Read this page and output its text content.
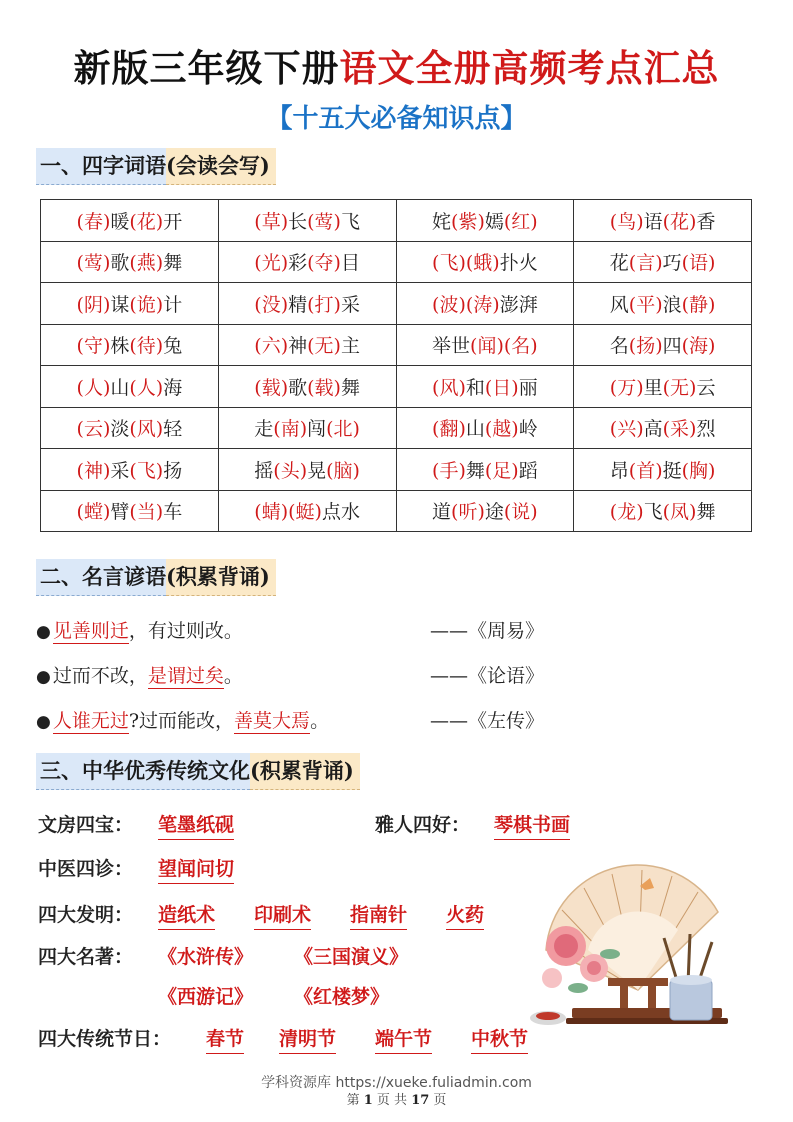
新版三年级下册语文全册高频考点汇总
【十五大必备知识点】
一、四字词语(会读会写)
(春)暖(花)开	(草)长(莺)飞	姹(紫)嫣(红)	(鸟)语(花)香
(莺)歌(燕)舞	(光)彩(夺)目	(飞)(蛾)扑火	花(言)巧(语)
(阴)谋(诡)计	(没)精(打)采	(波)(涛)澎湃	风(平)浪(静)
(守)株(待)兔	(六)神(无)主	举世(闻)(名)	名(扬)四(海)
(人)山(人)海	(载)歌(载)舞	(风)和(日)丽	(万)里(无)云
(云)淡(风)轻	走(南)闯(北)	(翻)山(越)岭	(兴)高(采)烈
(神)采(飞)扬	摇(头)晃(脑)	(手)舞(足)蹈	昂(首)挺(胸)
(螳)臂(当)车	(蜻)(蜓)点水	道(听)途(说)	(龙)飞(凤)舞
二、名言谚语(积累背诵)
● 见善则迁，有过则改。	——《周易》
● 过而不改，是谓过矣。	——《论语》
● 人谁无过?过而能改，善莫大焉。	——《左传》
三、中华优秀传统文化(积累背诵)
文房四宝： 笔墨纸砚	雅人四好： 琴棋书画
中医四诊： 望闻问切
四大发明： 造纸术 印刷术 指南针 火药
四大名著： 《水浒传》 《三国演义》
《西游记》 《红楼梦》
四大传统节日： 春节 清明节 端午节 中秋节
学科资源库 https://xueke.fuliadmin.com
第 1 页 共 17 页
